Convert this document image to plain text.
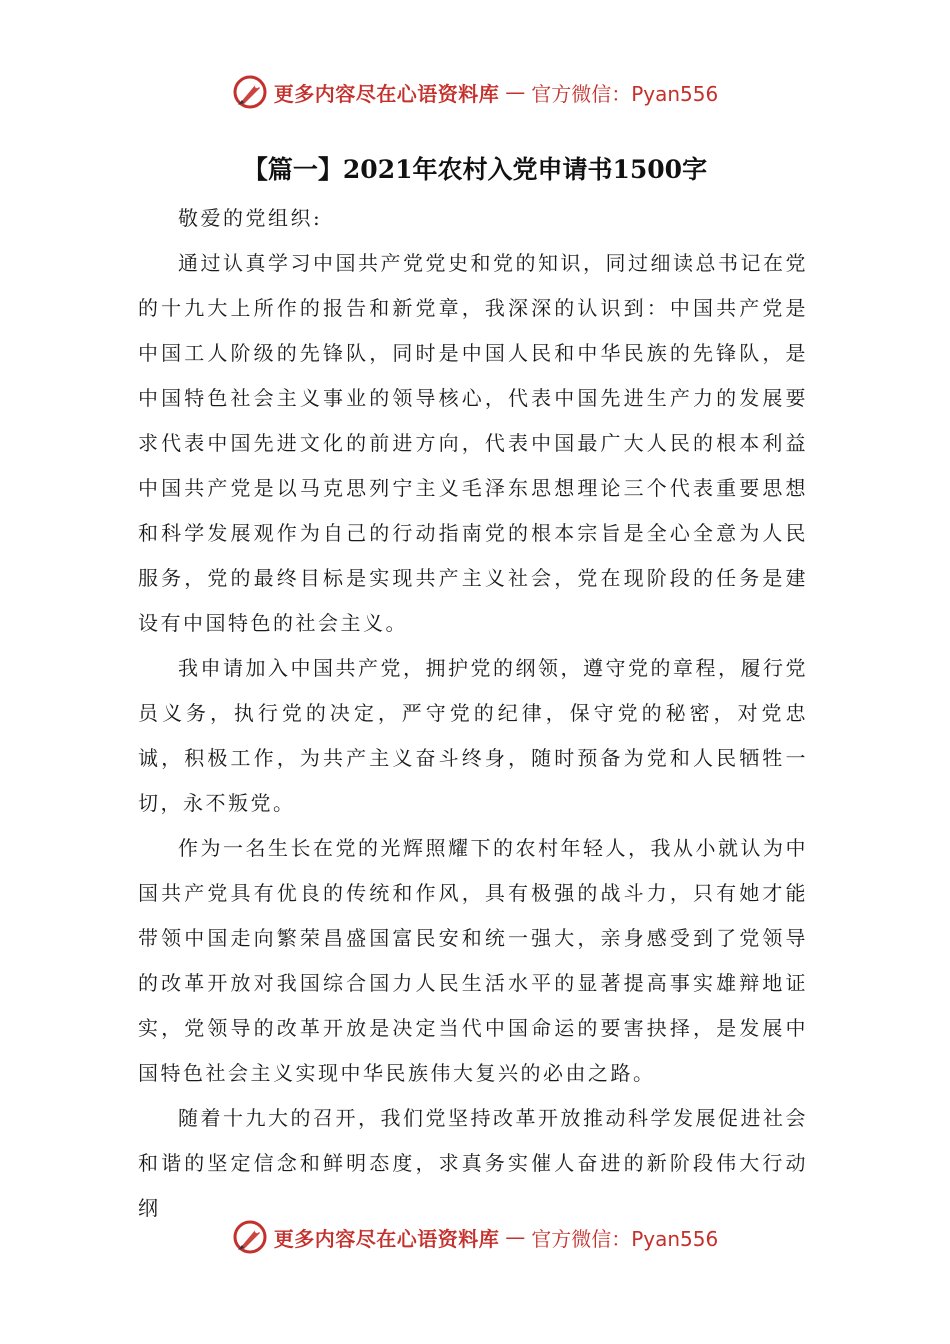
更多内容尽在心语资料库 — 官方微信：Pyan556
【篇一】2021年农村入党申请书1500字

敬爱的党组织:

通过认真学习中国共产党党史和党的知识，同过细读总书记在党的十九大上所作的报告和新党章，我深深的认识到：中国共产党是中国工人阶级的先锋队，同时是中国人民和中华民族的先锋队，是中国特色社会主义事业的领导核心，代表中国先进生产力的发展要求代表中国先进文化的前进方向，代表中国最广大人民的根本利益中国共产党是以马克思列宁主义毛泽东思想理论三个代表重要思想和科学发展观作为自己的行动指南党的根本宗旨是全心全意为人民服务，党的最终目标是实现共产主义社会，党在现阶段的任务是建设有中国特色的社会主义。

我申请加入中国共产党，拥护党的纲领，遵守党的章程，履行党员义务，执行党的决定，严守党的纪律，保守党的秘密，对党忠诚，积极工作，为共产主义奋斗终身，随时预备为党和人民牺牲一切，永不叛党。

作为一名生长在党的光辉照耀下的农村年轻人，我从小就认为中国共产党具有优良的传统和作风，具有极强的战斗力，只有她才能带领中国走向繁荣昌盛国富民安和统一强大，亲身感受到了党领导的改革开放对我国综合国力人民生活水平的显著提高事实雄辩地证实，党领导的改革开放是决定当代中国命运的要害抉择，是发展中国特色社会主义实现中华民族伟大复兴的必由之路。

随着十九大的召开，我们党坚持改革开放推动科学发展促进社会和谐的坚定信念和鲜明态度，求真务实催人奋进的新阶段伟大行动纲

更多内容尽在心语资料库 — 官方微信：Pyan556
